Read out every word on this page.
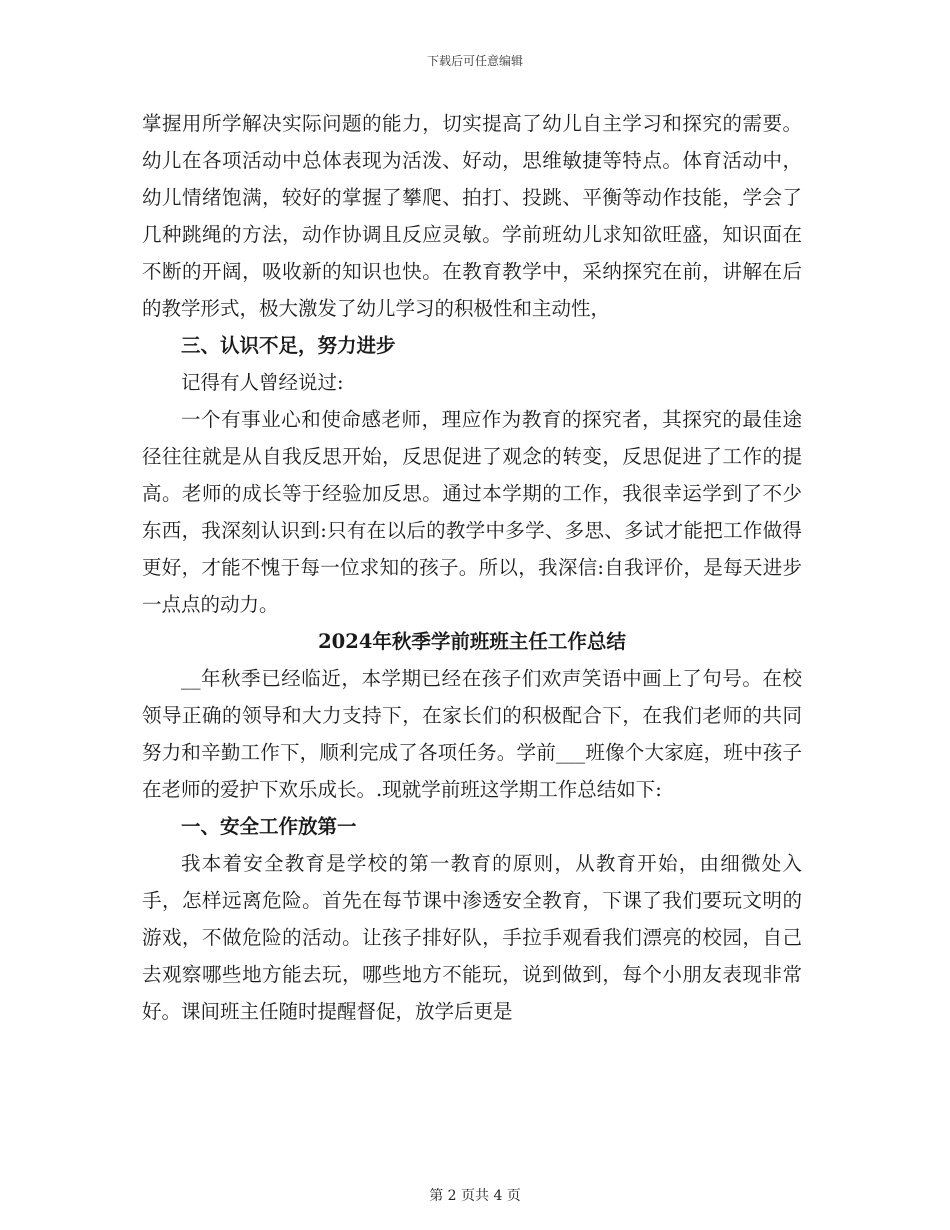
下载后可任意编辑

掌握用所学解决实际问题的能力，切实提高了幼儿自主学习和探究的需要。幼儿在各项活动中总体表现为活泼、好动，思维敏捷等特点。体育活动中，幼儿情绪饱满，较好的掌握了攀爬、拍打、投跳、平衡等动作技能，学会了几种跳绳的方法，动作协调且反应灵敏。学前班幼儿求知欲旺盛，知识面在不断的开阔，吸收新的知识也快。在教育教学中，采纳探究在前，讲解在后的教学形式，极大激发了幼儿学习的积极性和主动性，

三、认识不足，努力进步

记得有人曾经说过:

一个有事业心和使命感老师，理应作为教育的探究者，其探究的最佳途径往往就是从自我反思开始，反思促进了观念的转变，反思促进了工作的提高。老师的成长等于经验加反思。通过本学期的工作，我很幸运学到了不少东西，我深刻认识到:只有在以后的教学中多学、多思、多试才能把工作做得更好，才能不愧于每一位求知的孩子。所以，我深信:自我评价，是每天进步一点点的动力。

2024年秋季学前班班主任工作总结

__年秋季已经临近，本学期已经在孩子们欢声笑语中画上了句号。在校领导正确的领导和大力支持下，在家长们的积极配合下，在我们老师的共同努力和辛勤工作下，顺利完成了各项任务。学前___班像个大家庭，班中孩子在老师的爱护下欢乐成长。.现就学前班这学期工作总结如下:

一、安全工作放第一

我本着安全教育是学校的第一教育的原则，从教育开始，由细微处入手，怎样远离危险。首先在每节课中渗透安全教育，下课了我们要玩文明的游戏，不做危险的活动。让孩子排好队，手拉手观看我们漂亮的校园，自己去观察哪些地方能去玩，哪些地方不能玩，说到做到，每个小朋友表现非常好。课间班主任随时提醒督促，放学后更是

第 2 页共 4 页
